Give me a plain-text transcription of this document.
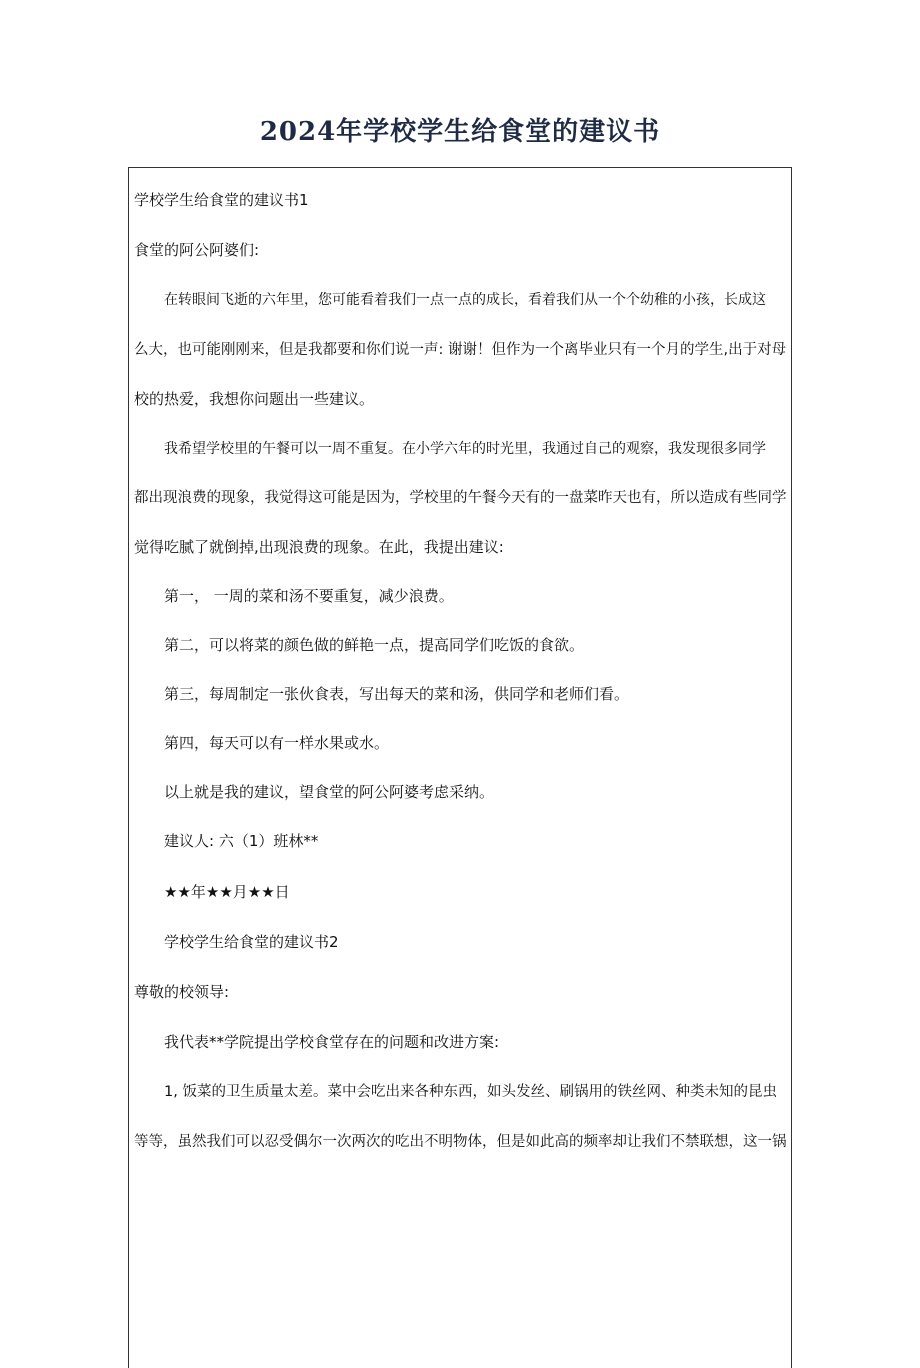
2024年学校学生给食堂的建议书
学校学生给食堂的建议书1
食堂的阿公阿婆们:
在转眼间飞逝的六年里，您可能看着我们一点一点的成长，看着我们从一个个幼稚的小孩，长成这
么大，也可能刚刚来，但是我都要和你们说一声: 谢谢！但作为一个离毕业只有一个月的学生,出于对母
校的热爱，我想你问题出一些建议。
我希望学校里的午餐可以一周不重复。在小学六年的时光里，我通过自己的观察，我发现很多同学
都出现浪费的现象，我觉得这可能是因为，学校里的午餐今天有的一盘菜昨天也有，所以造成有些同学
觉得吃腻了就倒掉,出现浪费的现象。在此，我提出建议:
第一， 一周的菜和汤不要重复，减少浪费。
第二，可以将菜的颜色做的鲜艳一点，提高同学们吃饭的食欲。
第三，每周制定一张伙食表，写出每天的菜和汤，供同学和老师们看。
第四，每天可以有一样水果或水。
以上就是我的建议，望食堂的阿公阿婆考虑采纳。
建议人: 六（1）班林**
★★年★★月★★日
学校学生给食堂的建议书2
尊敬的校领导:
我代表**学院提出学校食堂存在的问题和改进方案:
1, 饭菜的卫生质量太差。菜中会吃出来各种东西，如头发丝、刷锅用的铁丝网、种类未知的昆虫
等等，虽然我们可以忍受偶尔一次两次的吃出不明物体，但是如此高的频率却让我们不禁联想，这一锅
